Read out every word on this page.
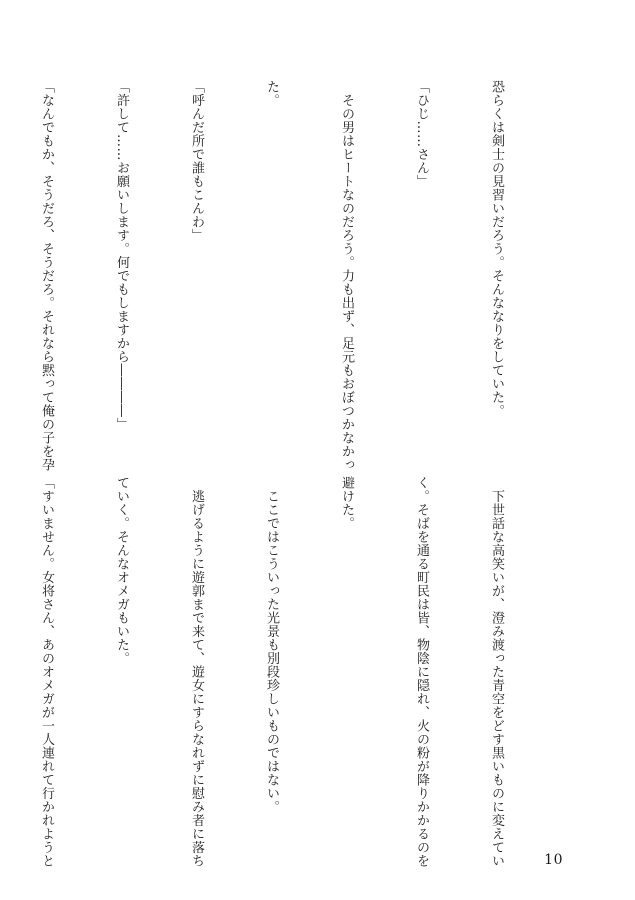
恐らくは剣士の見習いだろう。そんななりをしていた。

「ひじ……さん」

　その男はヒートなのだろう。力も出ず、足元もおぼつかなかっ

た。

「呼んだ所で誰もこんわ」

「許して……お願いします。何でもしますから――――」

「なんでもか、そうだろ、そうだろ。それなら黙って俺の子を孕

　下世話な高笑いが、澄み渡った青空をどす黒いものに変えてい

く。そばを通る町民は皆、物陰に隠れ、火の粉が降りかかるのを

避けた。

　ここではこういった光景も別段珍しいものではない。

　逃げるように遊郭まで来て、遊女にすらなれずに慰み者に落ち

ていく。そんなオメガもいた。

「すいません。女将さん、あのオメガが一人連れて行かれようと

	10
